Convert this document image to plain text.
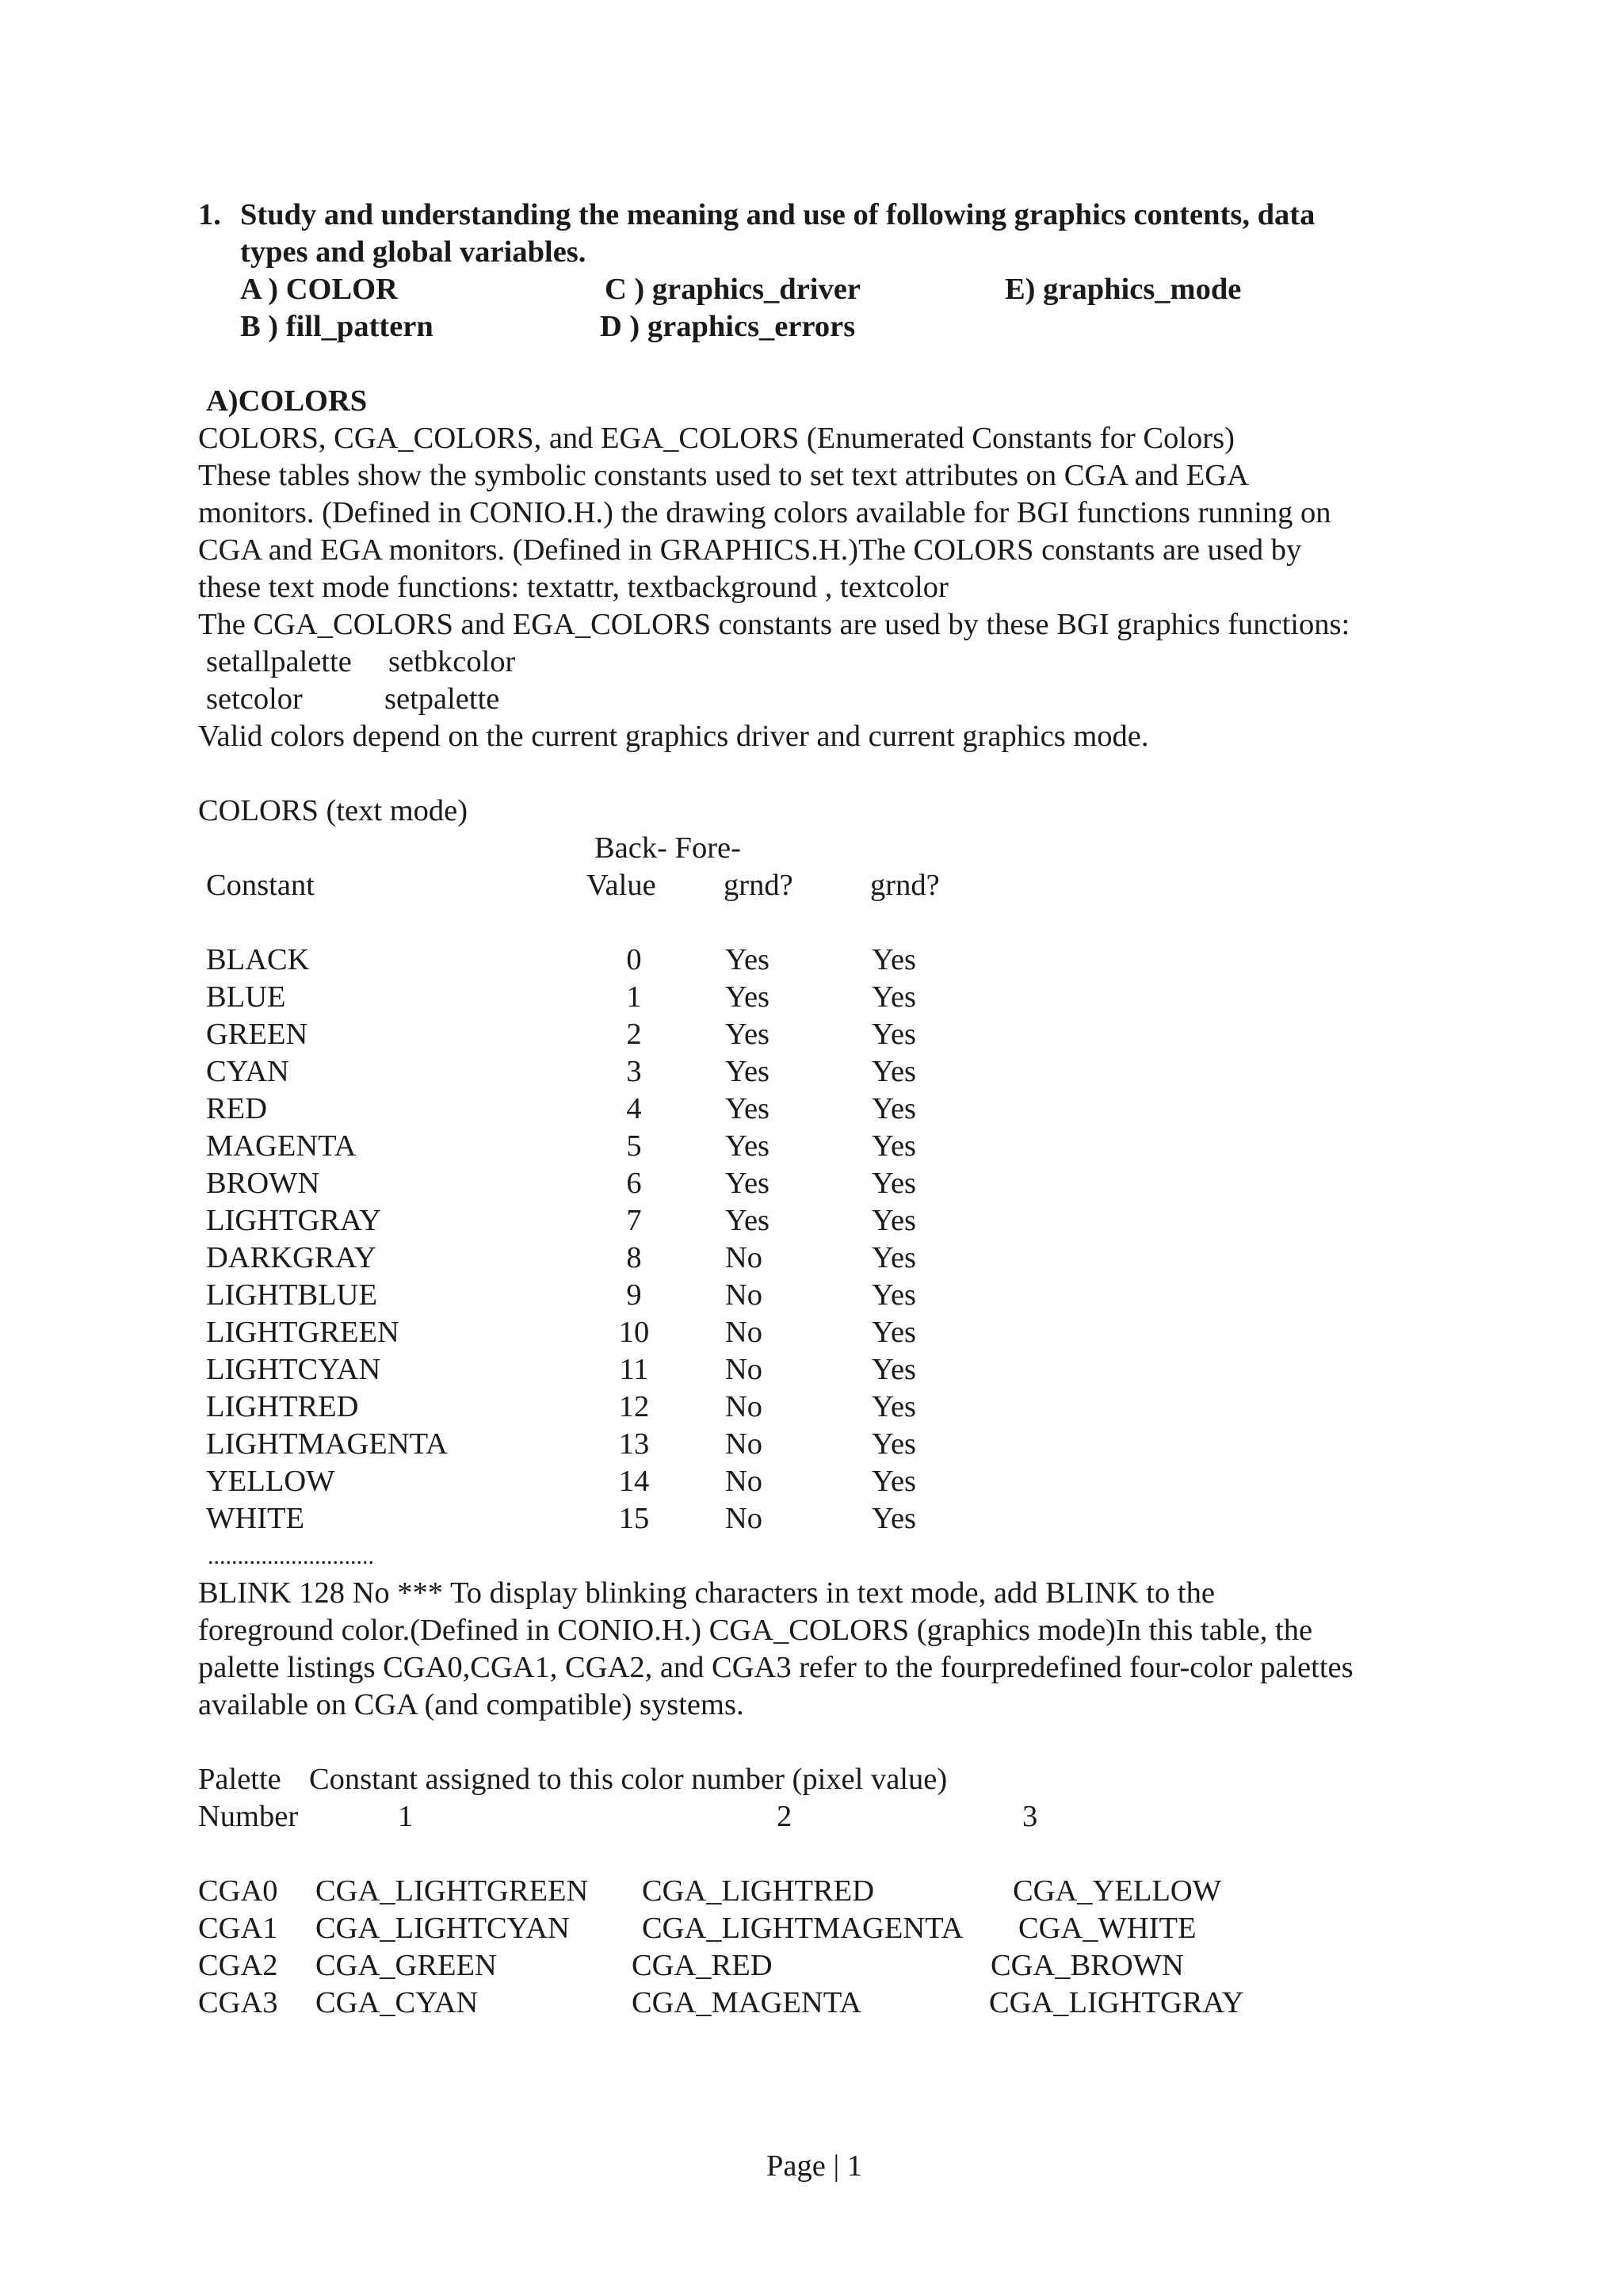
1. Study and understanding the meaning and use of following graphics contents, data
types and global variables.
A ) COLOR	C ) graphics_driver	E) graphics_mode
B ) fill_pattern	D ) graphics_errors
A)COLORS
COLORS, CGA_COLORS, and EGA_COLORS (Enumerated Constants for Colors)
These tables show the symbolic constants used to set text attributes on CGA and EGA
monitors. (Defined in CONIO.H.) the drawing colors available for BGI functions running on
CGA and EGA monitors. (Defined in GRAPHICS.H.)The COLORS constants are used by
these text mode functions: textattr, textbackground , textcolor
The CGA_COLORS and EGA_COLORS constants are used by these BGI graphics functions:
setallpalette setbkcolor
setcolor	setpalette
Valid colors depend on the current graphics driver and current graphics mode.
COLORS (text mode)
Back- Fore-
Constant	Value grnd?	grnd?
BLACK	0	Yes	Yes
BLUE	1	Yes	Yes
GREEN	2	Yes	Yes
CYAN	3	Yes	Yes
RED	4	Yes	Yes
MAGENTA	5	Yes	Yes
BROWN	6	Yes	Yes
LIGHTGRAY	7	Yes	Yes
DARKGRAY	8	No	Yes
LIGHTBLUE	9	No	Yes
LIGHTGREEN	10 No	Yes
LIGHTCYAN	11	No	Yes
LIGHTRED	12 No	Yes
LIGHTMAGENTA	13 No	Yes
YELLOW	14 No	Yes
WHITE	15 No	Yes
............................
BLINK 128 No *** To display blinking characters in text mode, add BLINK to the
foreground color.(Defined in CONIO.H.) CGA_COLORS (graphics mode)In this table, the
palette listings CGA0,CGA1, CGA2, and CGA3 refer to the fourpredefined four-color palettes
available on CGA (and compatible) systems.
Palette Constant assigned to this color number (pixel value)
Number	1	2	3
CGA0 CGA_LIGHTGREEN CGA_LIGHTRED	CGA_YELLOW
CGA1 CGA_LIGHTCYAN CGA_LIGHTMAGENTA CGA_WHITE
CGA2 CGA_GREEN	CGA_RED	CGA_BROWN
CGA3 CGA_CYAN	CGA_MAGENTA	CGA_LIGHTGRAY
Page | 1
